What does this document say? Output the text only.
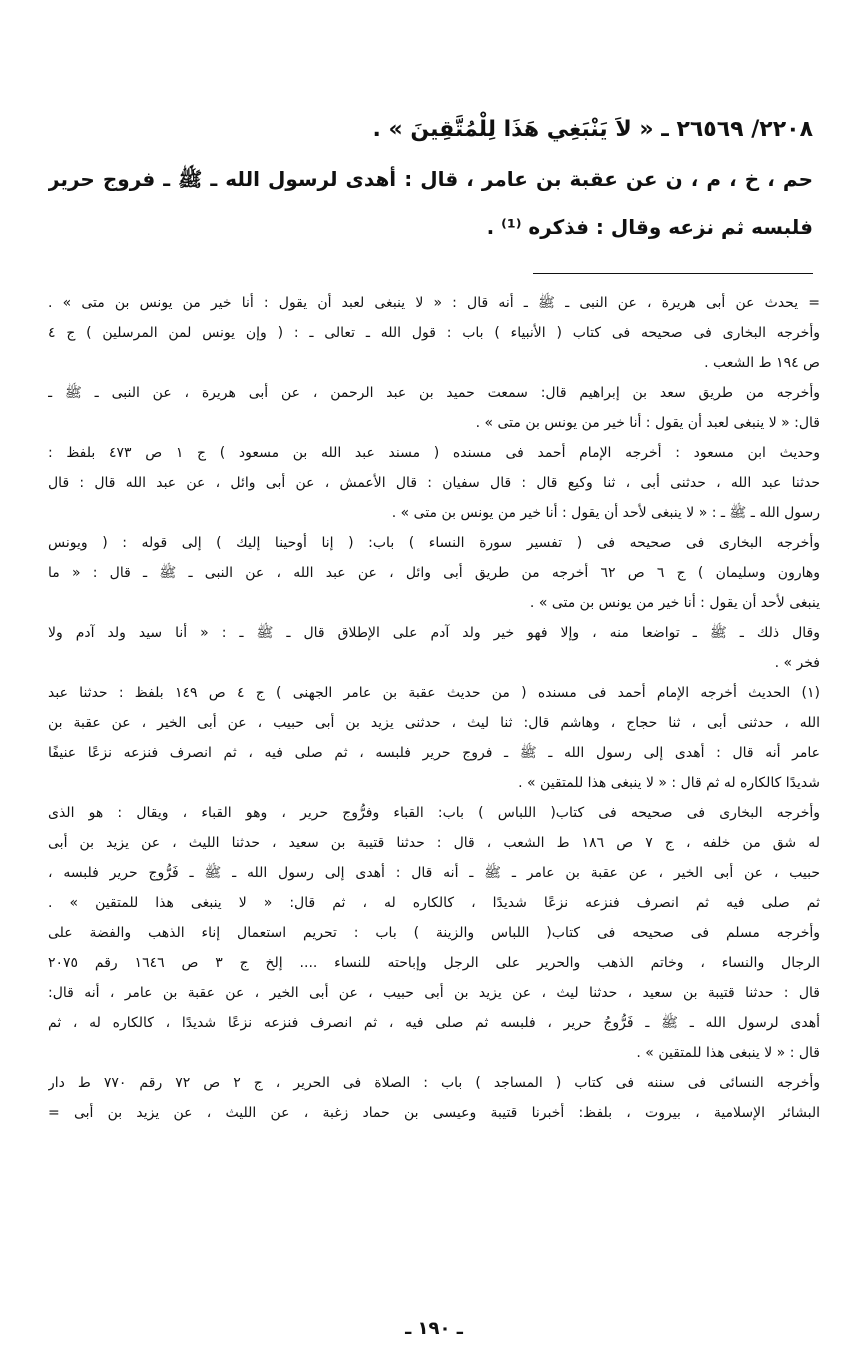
٢٢٠٨/ ٢٦٥٦٩ ـ « لاَ يَنْبَغِي هَذَا لِلْمُتَّقِينَ » .
حم ، خ ، م ، ن عن عقبة بن عامر ، قال : أهدى لرسول الله ـ ﷺ ـ فروج حرير
فلبسه ثم نزعه وقال : فذكره ⁽¹⁾ .
= يحدث عن أبى هريرة ، عن النبى ـ ﷺ ـ أنه قال : « لا ينبغى لعبد أن يقول : أنا خير من يونس بن متى » .
وأخرجه البخارى فى صحيحه فى كتاب ( الأنبياء ) باب : قول الله ـ تعالى ـ : ( وإن يونس لمن المرسلين ) ج ٤
ص ١٩٤ ط الشعب .
وأخرجه من طريق سعد بن إبراهيم قال: سمعت حميد بن عبد الرحمن ، عن أبى هريرة ، عن النبى ـ ﷺ ـ
قال: « لا ينبغى لعبد أن يقول : أنا خير من يونس بن متى » .
وحديث ابن مسعود : أخرجه الإمام أحمد فى مسنده ( مسند عبد الله بن مسعود ) ج ١ ص ٤٧٣ بلفظ :
حدثنا عبد الله ، حدثنى أبى ، ثنا وكيع قال : قال سفيان : قال الأعمش ، عن أبى وائل ، عن عبد الله قال : قال
رسول الله ـ ﷺ ـ : « لا ينبغى لأحد أن يقول : أنا خير من يونس بن متى » .
وأخرجه البخارى فى صحيحه فى ( تفسير سورة النساء ) باب: ( إنا أوحينا إليك ) إلى قوله : ( ويونس
وهارون وسليمان ) ج ٦ ص ٦٢ أخرجه من طريق أبى وائل ، عن عبد الله ، عن النبى ـ ﷺ ـ قال : « ما
ينبغى لأحد أن يقول : أنا خير من يونس بن متى » .
وقال ذلك ـ ﷺ ـ تواضعا منه ، وإلا فهو خير ولد آدم على الإطلاق قال ـ ﷺ ـ : « أنا سيد ولد آدم ولا
فخر » .
(١) الحديث أخرجه الإمام أحمد فى مسنده ( من حديث عقبة بن عامر الجهنى ) ج ٤ ص ١٤٩ بلفظ : حدثنا عبد
الله ، حدثنى أبى ، ثنا حجاج ، وهاشم قال: ثنا ليث ، حدثنى يزيد بن أبى حبيب ، عن أبى الخير ، عن عقبة بن
عامر أنه قال : أهدى إلى رسول الله ـ ﷺ ـ فروج حرير فلبسه ، ثم صلى فيه ، ثم انصرف فنزعه نزعًا عنيفًا
شديدًا كالكاره له ثم قال : « لا ينبغى هذا للمتقين » .
وأخرجه البخارى فى صحيحه فى كتاب( اللباس ) باب: القباء وفرُّوج حرير ، وهو القباء ، ويقال : هو الذى
له شق من خلفه ، ج ٧ ص ١٨٦ ط الشعب ، قال : حدثنا قتيبة بن سعيد ، حدثنا الليث ، عن يزيد بن أبى
حبيب ، عن أبى الخير ، عن عقبة بن عامر ـ ﷺ ـ أنه قال : أهدى إلى رسول الله ـ ﷺ ـ فَرُّوج حرير فلبسه ،
ثم صلى فيه ثم انصرف فنزعه نزعًا شديدًا ، كالكاره له ، ثم قال: « لا ينبغى هذا للمتقين » .
وأخرجه مسلم فى صحيحه فى كتاب( اللباس والزينة ) باب : تحريم استعمال إناء الذهب والفضة على
الرجال والنساء ، وخاتم الذهب والحرير على الرجل وإباحته للنساء .... إلخ ج ٣ ص ١٦٤٦ رقم ٢٠٧٥
قال : حدثنا قتيبة بن سعيد ، حدثنا ليث ، عن يزيد بن أبى حبيب ، عن أبى الخير ، عن عقبة بن عامر ، أنه قال:
أهدى لرسول الله ـ ﷺ ـ فَرُّوجُ حرير ، فلبسه ثم صلى فيه ، ثم انصرف فنزعه نزعًا شديدًا ، كالكاره له ، ثم
قال : « لا ينبغى هذا للمتقين » .
وأخرجه النسائى فى سننه فى كتاب ( المساجد ) باب : الصلاة فى الحرير ، ج ٢ ص ٧٢ رقم ٧٧٠ ط دار
البشائر الإسلامية ، بيروت ، بلفظ: أخبرنا قتيبة وعيسى بن حماد زغبة ، عن الليث ، عن يزيد بن أبى =
ـ ١٩٠ ـ
